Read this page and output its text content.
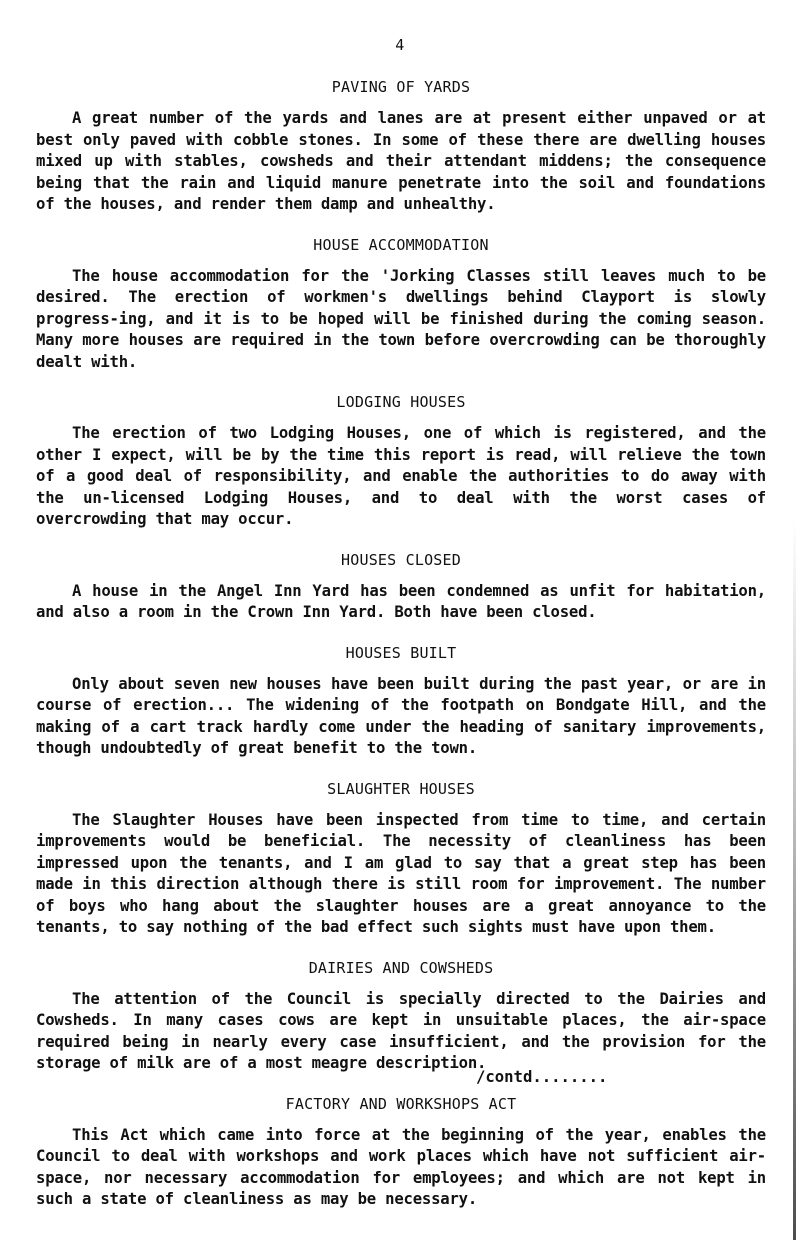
4
PAVING OF YARDS

A great number of the yards and lanes are at present either unpaved or at best only paved with cobble stones. In some of these there are dwelling houses mixed up with stables, cowsheds and their attendant middens; the consequence being that the rain and liquid manure penetrate into the soil and foundations of the houses, and render them damp and unhealthy.

HOUSE ACCOMMODATION

The house accommodation for the 'Jorking Classes still leaves much to be desired. The erection of workmen's dwellings behind Clayport is slowly progress-ing, and it is to be hoped will be finished during the coming season. Many more houses are required in the town before overcrowding can be thoroughly dealt with.

LODGING HOUSES

The erection of two Lodging Houses, one of which is registered, and the other I expect, will be by the time this report is read, will relieve the town of a good deal of responsibility, and enable the authorities to do away with the un-licensed Lodging Houses, and to deal with the worst cases of overcrowding that may occur.

HOUSES CLOSED

A house in the Angel Inn Yard has been condemned as unfit for habitation, and also a room in the Crown Inn Yard. Both have been closed.

HOUSES BUILT

Only about seven new houses have been built during the past year, or are in course of erection... The widening of the footpath on Bondgate Hill, and the making of a cart track hardly come under the heading of sanitary improvements, though undoubtedly of great benefit to the town.

SLAUGHTER HOUSES

The Slaughter Houses have been inspected from time to time, and certain improvements would be beneficial. The necessity of cleanliness has been impressed upon the tenants, and I am glad to say that a great step has been made in this direction although there is still room for improvement. The number of boys who hang about the slaughter houses are a great annoyance to the tenants, to say nothing of the bad effect such sights must have upon them.

DAIRIES AND COWSHEDS

The attention of the Council is specially directed to the Dairies and Cowsheds. In many cases cows are kept in unsuitable places, the air-space required being in nearly every case insufficient, and the provision for the storage of milk are of a most meagre description.

FACTORY AND WORKSHOPS ACT

This Act which came into force at the beginning of the year, enables the Council to deal with workshops and work places which have not sufficient air-space, nor necessary accommodation for employees; and which are not kept in such a state of cleanliness as may be necessary.

/contd........
